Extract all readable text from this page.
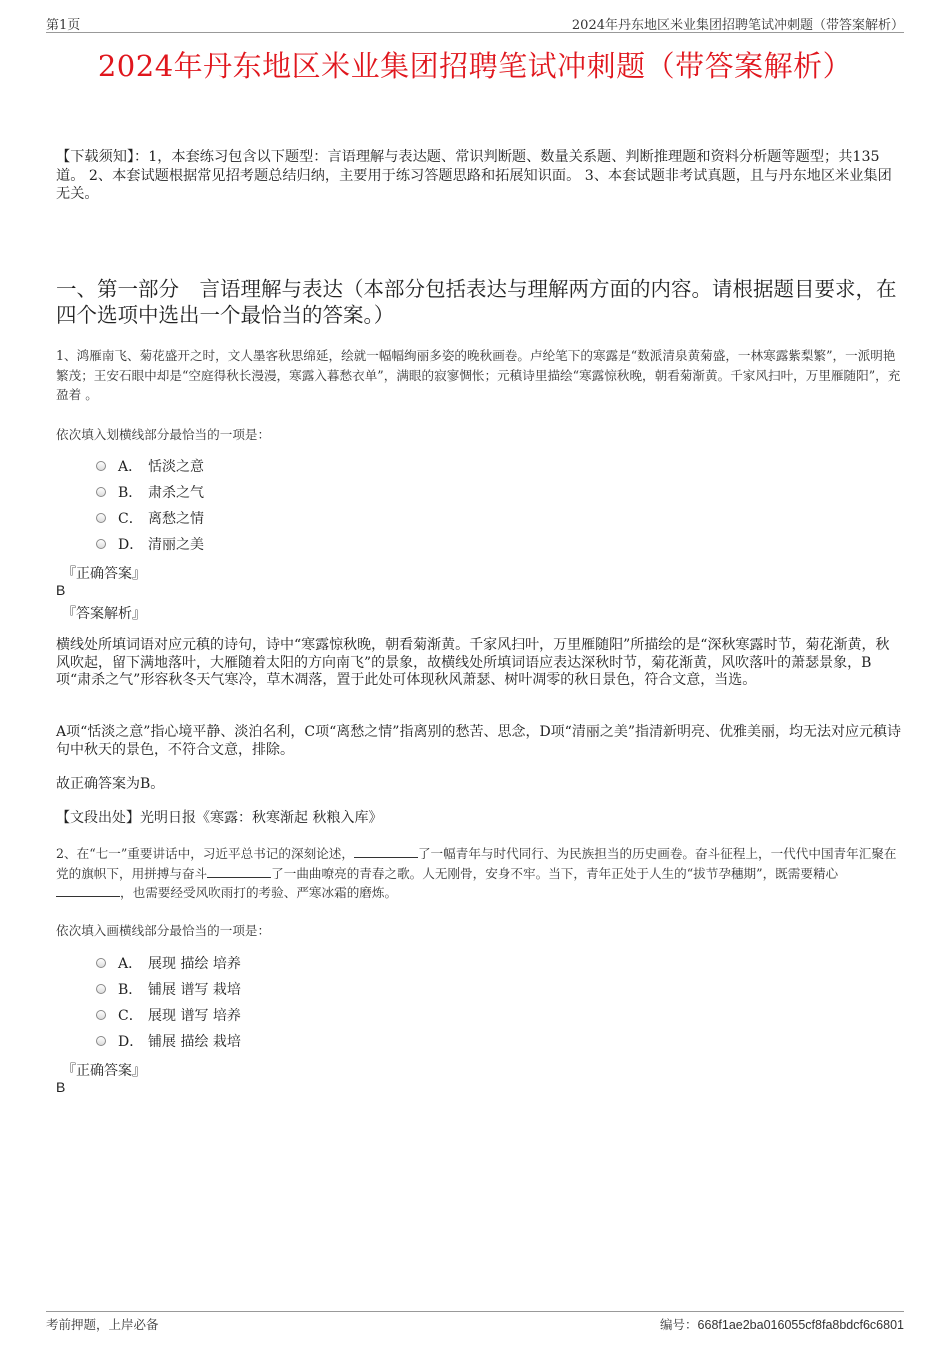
第1页	2024年丹东地区米业集团招聘笔试冲刺题（带答案解析）
2024年丹东地区米业集团招聘笔试冲刺题（带答案解析）
【下载须知】：1，本套练习包含以下题型：言语理解与表达题、常识判断题、数量关系题、判断推理题和资料分析题等题型；共135道。 2、本套试题根据常见招考题总结归纳，主要用于练习答题思路和拓展知识面。 3、本套试题非考试真题，且与丹东地区米业集团无关。
一、第一部分　言语理解与表达（本部分包括表达与理解两方面的内容。请根据题目要求，在四个选项中选出一个最恰当的答案。）
1、鸿雁南飞、菊花盛开之时，文人墨客秋思绵延，绘就一幅幅绚丽多姿的晚秋画卷。卢纶笔下的寒露是“数派清泉黄菊盛，一林寒露紫梨繁”，一派明艳繁茂；王安石眼中却是“空庭得秋长漫漫，寒露入暮愁衣单”，满眼的寂寥惆怅；元稹诗里描绘“寒露惊秋晚，朝看菊渐黄。千家风扫叶，万里雁随阳”，充盈着 。
依次填入划横线部分最恰当的一项是：
A． 恬淡之意
B． 肃杀之气
C． 离愁之情
D． 清丽之美
『正确答案』
B
『答案解析』
横线处所填词语对应元稹的诗句，诗中“寒露惊秋晚，朝看菊渐黄。千家风扫叶，万里雁随阳”所描绘的是“深秋寒露时节，菊花渐黄，秋风吹起，留下满地落叶，大雁随着太阳的方向南飞”的景象，故横线处所填词语应表达深秋时节，菊花渐黄，风吹落叶的萧瑟景象，B项“肃杀之气”形容秋冬天气寒冷，草木凋落，置于此处可体现秋风萧瑟、树叶凋零的秋日景色，符合文意，当选。
A项“恬淡之意”指心境平静、淡泊名利，C项“离愁之情”指离别的愁苦、思念，D项“清丽之美”指清新明亮、优雅美丽，均无法对应元稹诗句中秋天的景色，不符合文意，排除。
故正确答案为B。
【文段出处】光明日报《寒露：秋寒渐起 秋粮入库》
2、在“七一”重要讲话中，习近平总书记的深刻论述，	了一幅青年与时代同行、为民族担当的历史画卷。奋斗征程上，一代代中国青年汇聚在党的旗帜下，用拼搏与奋斗	了一曲曲嘹亮的青春之歌。人无刚骨，安身不牢。当下，青年正处于人生的“拔节孕穗期”，既需要精心，也需要经受风吹雨打的考验、严寒冰霜的磨炼。
依次填入画横线部分最恰当的一项是：
A． 展现 描绘 培养
B． 铺展 谱写 栽培
C． 展现 谱写 培养
D． 铺展 描绘 栽培
『正确答案』
B
考前押题，上岸必备	编号：668f1ae2ba016055cf8fa8bdcf6c6801
